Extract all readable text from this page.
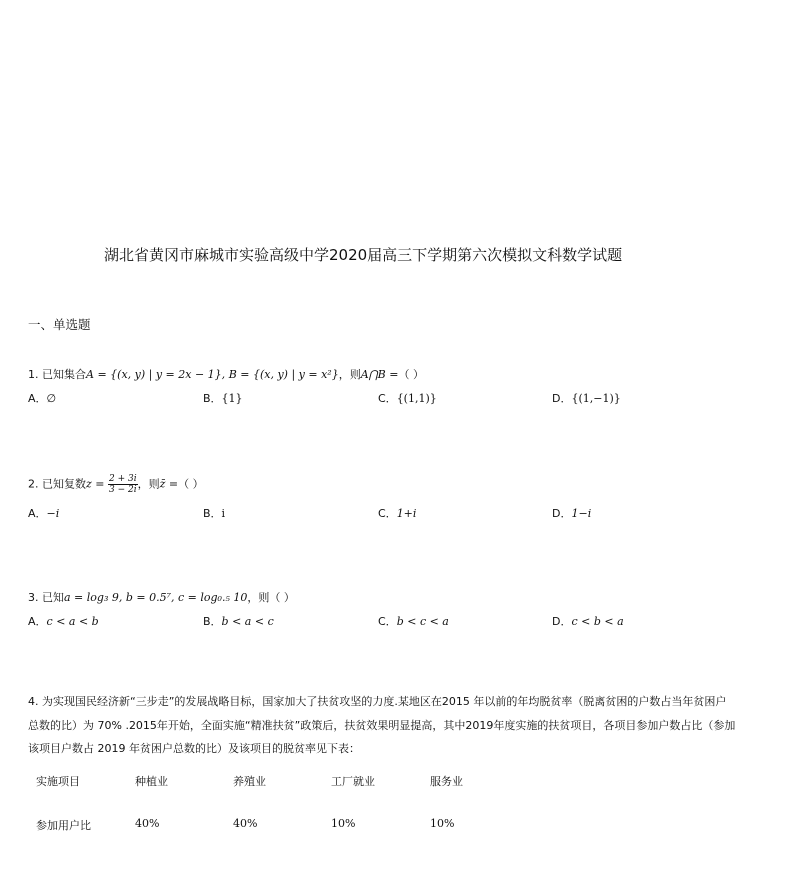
湖北省黄冈市麻城市实验高级中学2020届高三下学期第六次模拟文科数学试题
一、单选题
1. 已知集合A = {(x, y) | y = 2x − 1}, B = {(x, y) | y = x²}，则A⋂B =（ ）
A．∅	B．{1}	C．{(1,1)}	D．{(1,−1)}
2. 已知复数$z = \frac{2 + 3i}{3 - 2i}$ ，则z̄ =（ ）
A．−i	B．i	C．1+i	D．1−i
3. 已知a = log₃ 9, b = 0.5⁷, c = log₀.₅ 10，则（ ）
A．c < a < b	B．b < a < c	C．b < c < a	D．c < b < a
4. 为实现国民经济新“三步走”的发展战略目标，国家加大了扶贫攻坚的力度.某地区在2015 年以前的年均脱贫率（脱离贫困的户数占当年贫困户
总数的比）为 70% .2015年开始，全面实施“精准扶贫”政策后，扶贫效果明显提高，其中2019年度实施的扶贫项目，各项目参加户数占比（参加
该项目户数占 2019 年贫困户总数的比）及该项目的脱贫率见下表：
实施项目	种植业	养殖业	工厂就业	服务业
参加用户比	40%	40%	10%	10%
